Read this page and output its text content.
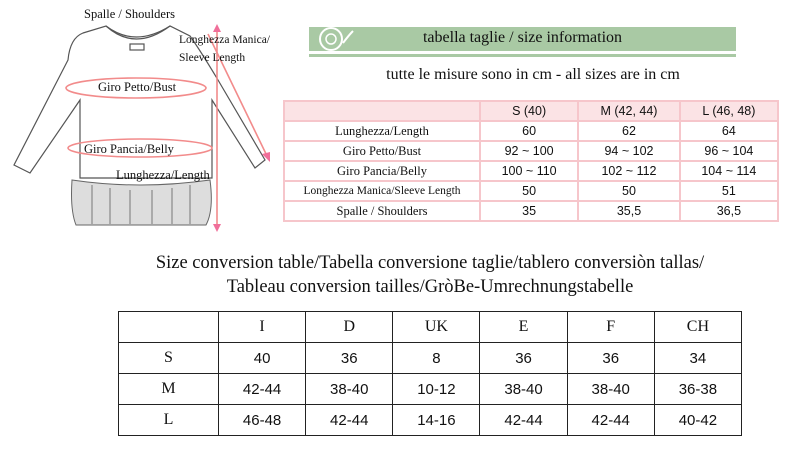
Spalle / Shoulders
Longhezza Manica/
Sleeve Length
Giro Petto/Bust
Giro Pancia/Belly
Lunghezza/Length
tabella taglie / size information
tutte le misure sono in cm - all sizes are in cm
	S (40)	M (42, 44)	L (46, 48)
Lunghezza/Length	60	62	64
Giro Petto/Bust	92 ~ 100	94 ~ 102	96 ~ 104
Giro Pancia/Belly	100 ~ 110	102 ~ 112	104 ~ 114
Longhezza Manica/Sleeve Length	50	50	51
Spalle / Shoulders	35	35,5	36,5
Size conversion table/Tabella conversione taglie/tablero conversiòn tallas/
Tableau conversion tailles/GròBe-Umrechnungstabelle
	I	D	UK	E	F	CH
S	40	36	8	36	36	34
M	42-44	38-40	10-12	38-40	38-40	36-38
L	46-48	42-44	14-16	42-44	42-44	40-42
